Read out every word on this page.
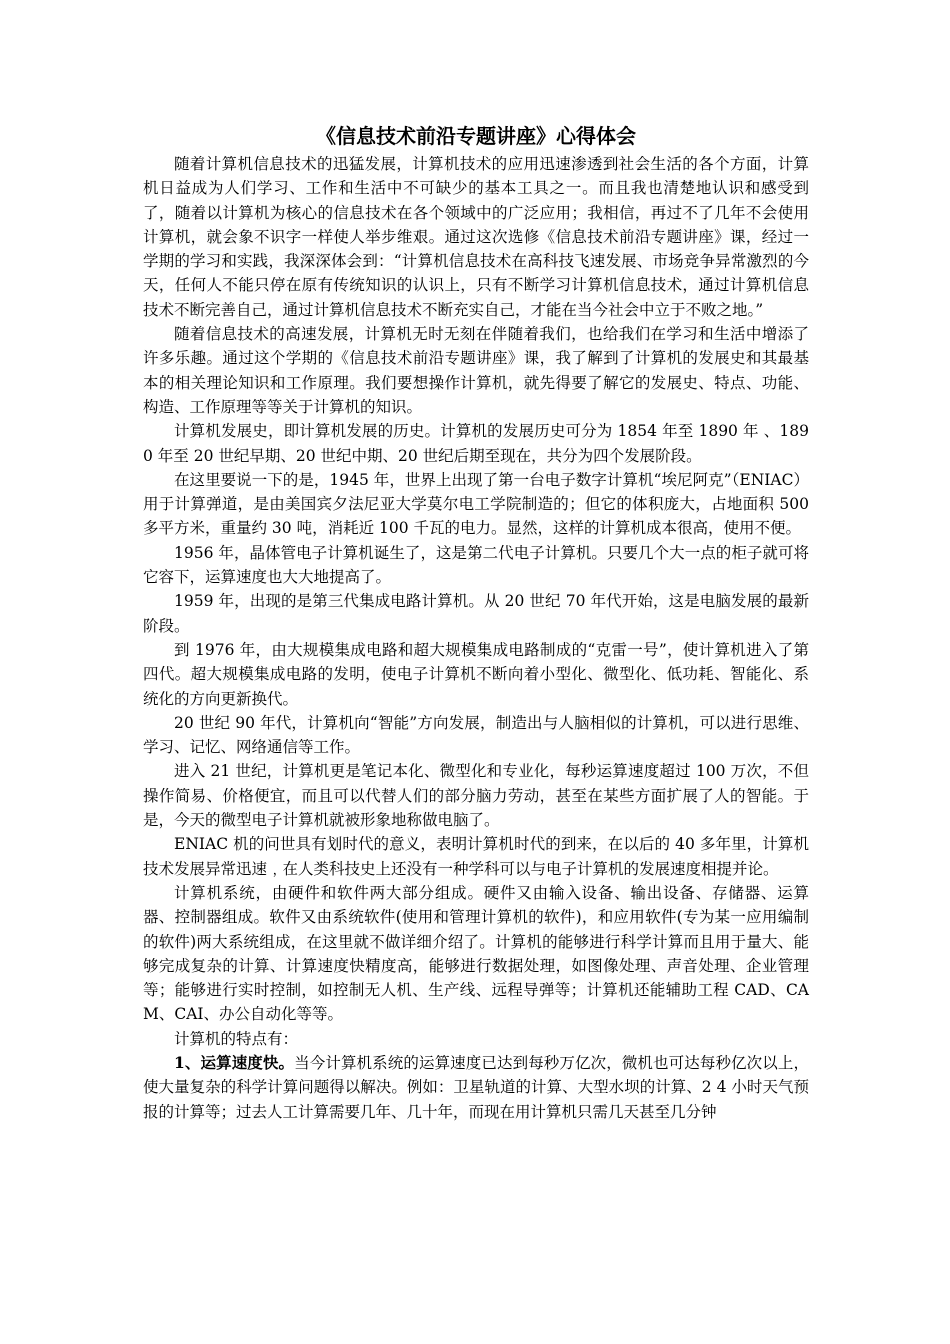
《信息技术前沿专题讲座》心得体会

随着计算机信息技术的迅猛发展，计算机技术的应用迅速渗透到社会生活的各个方面，计算机日益成为人们学习、工作和生活中不可缺少的基本工具之一。而且我也清楚地认识和感受到了，随着以计算机为核心的信息技术在各个领域中的广泛应用；我相信，再过不了几年不会使用计算机，就会象不识字一样使人举步维艰。通过这次选修《信息技术前沿专题讲座》课，经过一学期的学习和实践，我深深体会到：“计算机信息技术在高科技飞速发展、市场竞争异常激烈的今天，任何人不能只停在原有传统知识的认识上，只有不断学习计算机信息技术，通过计算机信息技术不断完善自己，通过计算机信息技术不断充实自己，才能在当今社会中立于不败之地。”

随着信息技术的高速发展，计算机无时无刻在伴随着我们，也给我们在学习和生活中增添了许多乐趣。通过这个学期的《信息技术前沿专题讲座》课，我了解到了计算机的发展史和其最基本的相关理论知识和工作原理。我们要想操作计算机，就先得要了解它的发展史、特点、功能、构造、工作原理等等关于计算机的知识。

计算机发展史，即计算机发展的历史。计算机的发展历史可分为 1854 年至 1890 年 、1890 年至 20 世纪早期、20 世纪中期、20 世纪后期至现在，共分为四个发展阶段。

在这里要说一下的是，1945 年，世界上出现了第一台电子数字计算机“埃尼阿克”（ENIAC）用于计算弹道，是由美国宾夕法尼亚大学莫尔电工学院制造的；但它的体积庞大，占地面积 500 多平方米，重量约 30 吨，消耗近 100 千瓦的电力。显然，这样的计算机成本很高，使用不便。

1956 年，晶体管电子计算机诞生了，这是第二代电子计算机。只要几个大一点的柜子就可将它容下，运算速度也大大地提高了。

1959 年，出现的是第三代集成电路计算机。从 20 世纪 70 年代开始，这是电脑发展的最新阶段。

到 1976 年，由大规模集成电路和超大规模集成电路制成的“克雷一号”，使计算机进入了第四代。超大规模集成电路的发明，使电子计算机不断向着小型化、微型化、低功耗、智能化、系统化的方向更新换代。

20 世纪 90 年代，计算机向“智能”方向发展，制造出与人脑相似的计算机，可以进行思维、学习、记忆、网络通信等工作。

进入 21 世纪，计算机更是笔记本化、微型化和专业化，每秒运算速度超过 100 万次，不但操作简易、价格便宜，而且可以代替人们的部分脑力劳动，甚至在某些方面扩展了人的智能。于是，今天的微型电子计算机就被形象地称做电脑了。

ENIAC 机的问世具有划时代的意义，表明计算机时代的到来，在以后的 40 多年里，计算机技术发展异常迅速﹐在人类科技史上还没有一种学科可以与电子计算机的发展速度相提并论。

计算机系统，由硬件和软件两大部分组成。硬件又由输入设备、输出设备、存储器、运算器、控制器组成。软件又由系统软件(使用和管理计算机的软件)，和应用软件(专为某一应用编制的软件)两大系统组成，在这里就不做详细介绍了。计算机的能够进行科学计算而且用于量大、能够完成复杂的计算、计算速度快精度高，能够进行数据处理，如图像处理、声音处理、企业管理等；能够进行实时控制，如控制无人机、生产线、远程导弹等；计算机还能辅助工程 CAD、CAM、CAI、办公自动化等等。

计算机的特点有：

1、运算速度快。当今计算机系统的运算速度已达到每秒万亿次，微机也可达每秒亿次以上，使大量复杂的科学计算问题得以解决。例如：卫星轨道的计算、大型水坝的计算、2 4 小时天气预报的计算等；过去人工计算需要几年、几十年，而现在用计算机只需几天甚至几分钟
